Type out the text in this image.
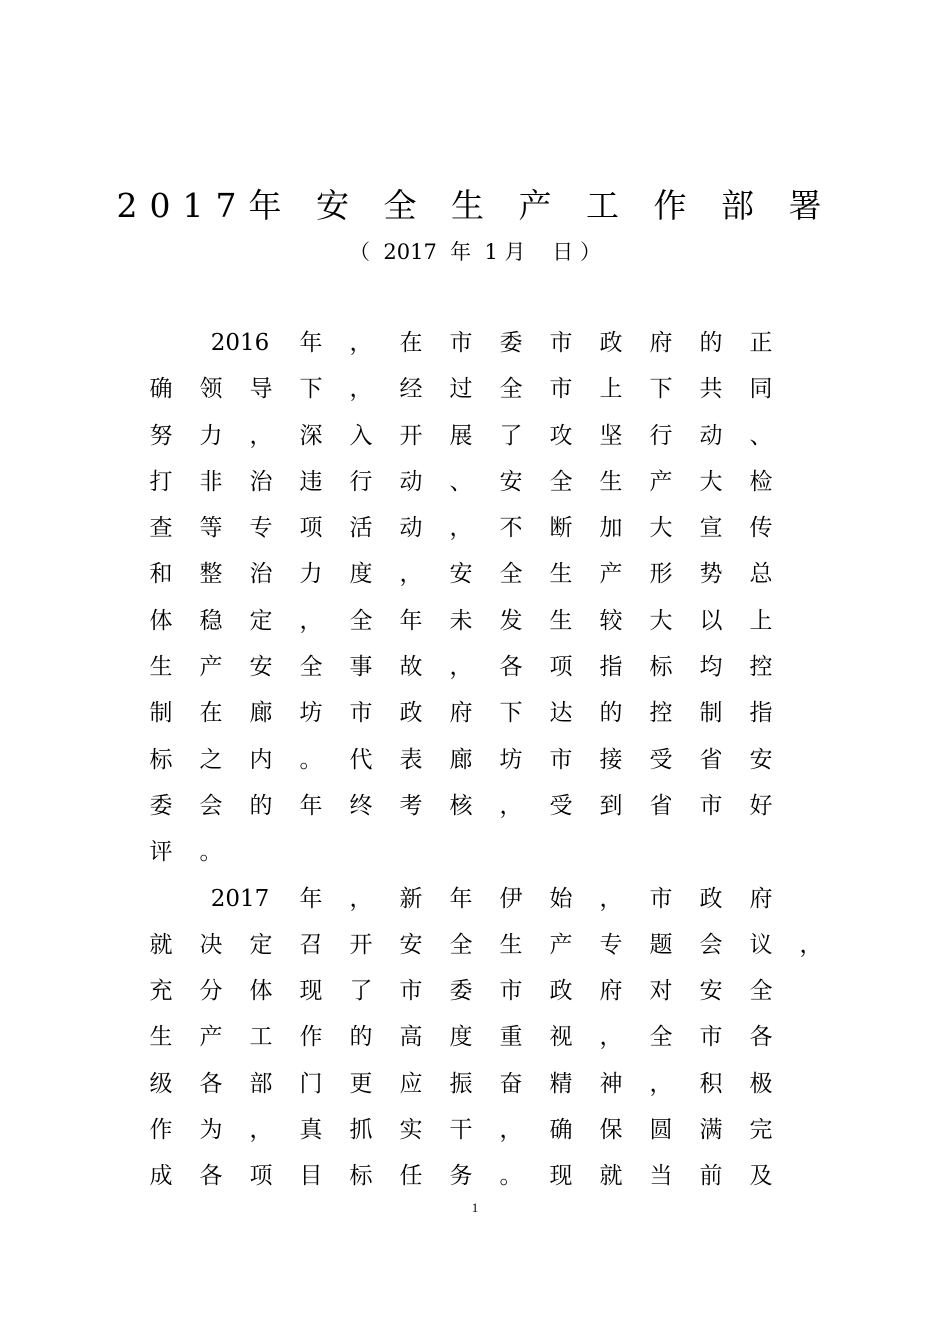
2017年 安 全 生 产 工 作 部 署
（  2017  年  1 月    日 ）
2016	年	，	在	市	委	市	政	府	的	正
确	领	导	下	，	经	过	全	市	上	下	共	同
努	力	，	深	入	开	展	了	攻	坚	行	动	、
打	非	治	违	行	动	、	安	全	生	产	大	检
查	等	专	项	活	动	，	不	断	加	大	宣	传
和	整	治	力	度	，	安	全	生	产	形	势	总
体	稳	定	，	全	年	未	发	生	较	大	以	上
生	产	安	全	事	故	，	各	项	指	标	均	控
制	在	廊	坊	市	政	府	下	达	的	控	制	指
标	之	内	。	代	表	廊	坊	市	接	受	省	安
委	会	的	年	终	考	核	，	受	到	省	市	好
评	。
2017	年	，	新	年	伊	始	，	市	政	府
就	决	定	召	开	安	全	生	产	专	题	会	议	，
充	分	体	现	了	市	委	市	政	府	对	安	全
生	产	工	作	的	高	度	重	视	，	全	市	各
级	各	部	门	更	应	振	奋	精	神	，	积	极
作	为	，	真	抓	实	干	，	确	保	圆	满	完
成	各	项	目	标	任	务	。	现	就	当	前	及
1
